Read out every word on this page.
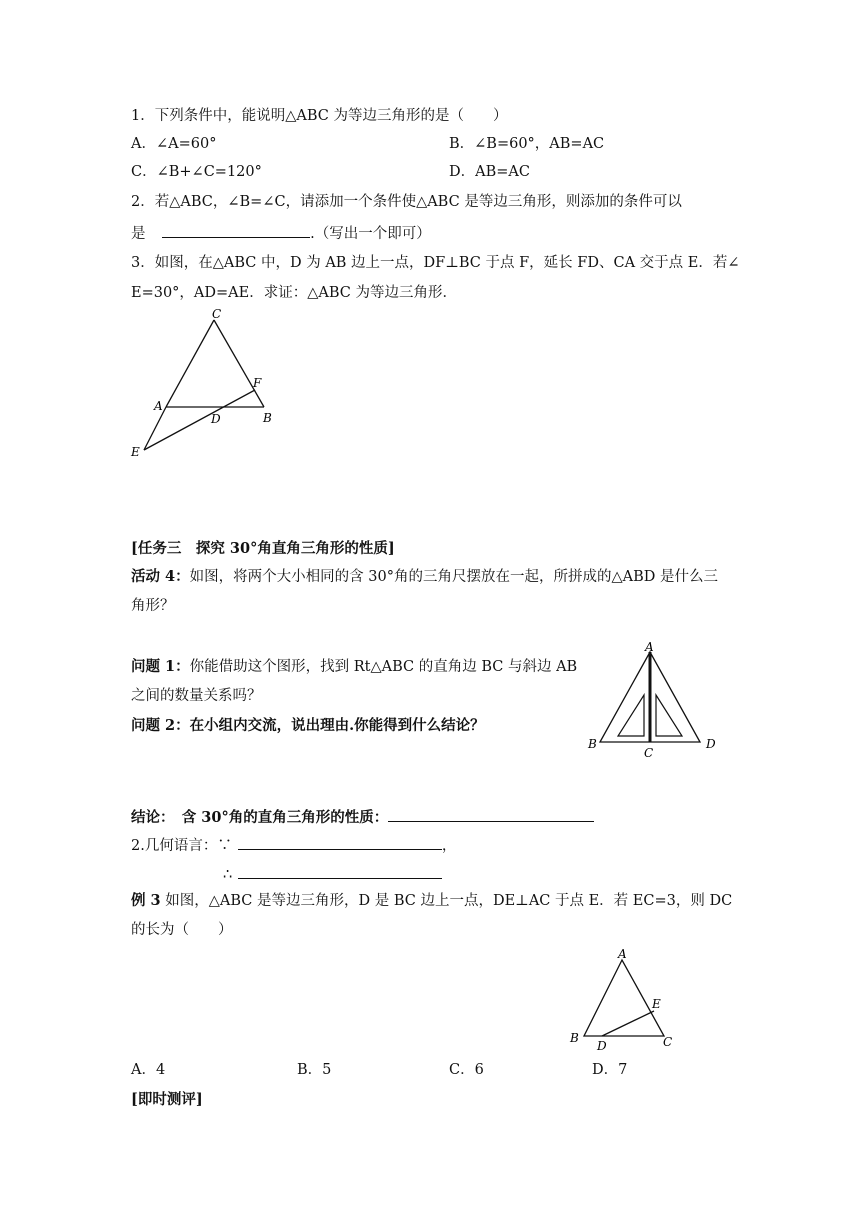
1．下列条件中，能说明△ABC 为等边三角形的是（　　）
A．∠A=60°	B．∠B=60°，AB=AC
C．∠B+∠C=120°	D．AB=AC
2．若△ABC，∠B=∠C，请添加一个条件使△ABC 是等边三角形，则添加的条件可以
是	.（写出一个即可）
3．如图，在△ABC 中，D 为 AB 边上一点，DF⊥BC 于点 F，延长 FD、CA 交于点 E．若∠
E=30°，AD=AE．求证：△ABC 为等边三角形．
C
F
A
D	B
E
[任务三　探究 30°角直角三角形的性质]
活动 4：如图，将两个大小相同的含 30°角的三角尺摆放在一起，所拼成的△ABD 是什么三
角形？
问题 1：你能借助这个图形，找到 Rt△ABC 的直角边 BC 与斜边 AB
之间的数量关系吗？
问题 2：在小组内交流，说出理由.你能得到什么结论？
A
B
C
D
结论：　含 30°角的直角三角形的性质：
2.几何语言：∵	，
∴
例 3 如图，△ABC 是等边三角形，D 是 BC 边上一点，DE⊥AC 于点 E．若 EC=3，则 DC
的长为（　　）
A
E
B
D	C
A．4	B．5	C．6	D．7
[即时测评]
